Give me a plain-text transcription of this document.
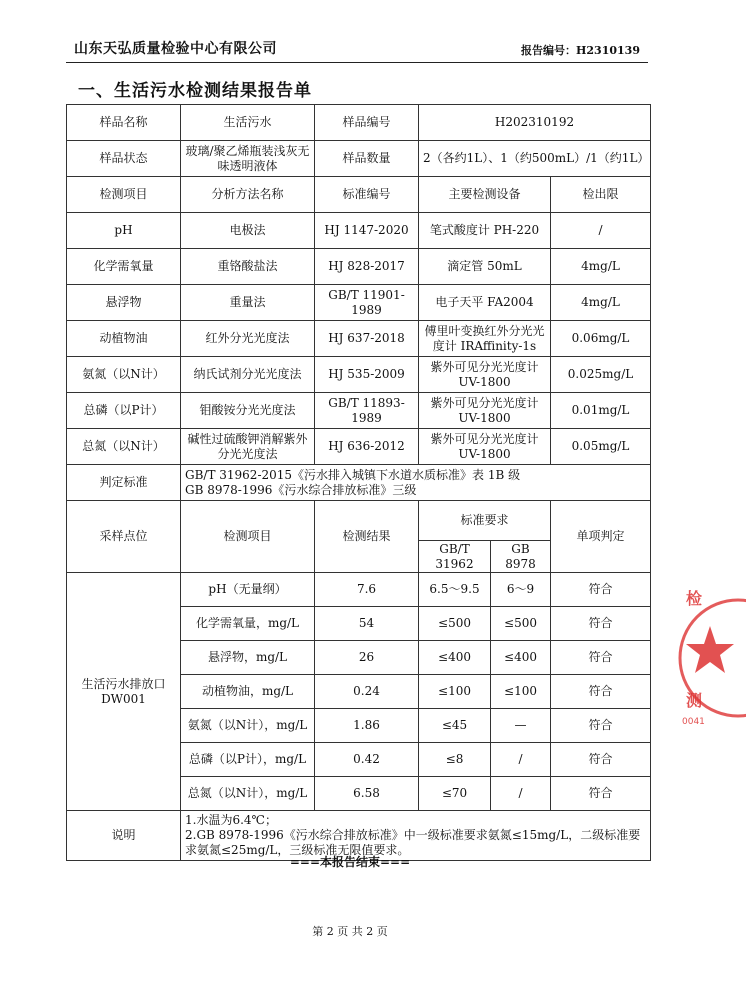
山东天弘质量检验中心有限公司	报告编号：H2310139
一、生活污水检测结果报告单
样品名称	生活污水	样品编号	H202310192		
样品状态	玻璃/聚乙烯瓶装浅灰无味透明液体	样品数量	2（各约1L）、1（约500mL）/1（约1L）		
检测项目	分析方法名称	标准编号	主要检测设备		检出限
pH	电极法	HJ 1147-2020	笔式酸度计 PH-220		/
化学需氧量	重铬酸盐法	HJ 828-2017	滴定管 50mL		4mg/L
悬浮物	重量法	GB/T 11901-1989	电子天平 FA2004		4mg/L
动植物油	红外分光光度法	HJ 637-2018	傅里叶变换红外分光光度计 IRAffinity-1s		0.06mg/L
氨氮（以N计）	纳氏试剂分光光度法	HJ 535-2009	紫外可见分光光度计 UV-1800		0.025mg/L
总磷（以P计）	钼酸铵分光光度法	GB/T 11893-1989	紫外可见分光光度计 UV-1800		0.01mg/L
总氮（以N计）	碱性过硫酸钾消解紫外分光光度法	HJ 636-2012	紫外可见分光光度计 UV-1800		0.05mg/L
判定标准	GB/T 31962-2015《污水排入城镇下水道水质标准》表 1B 级
GB 8978-1996《污水综合排放标准》三级				

采样点位	检测项目	检测结果	标准要求		单项判定
			GB/T 31962	GB 8978	
生活污水排放口DW001	pH（无量纲）	7.6	6.5～9.5	6～9	符合
	化学需氧量，mg/L	54	≤500	≤500	符合
	悬浮物，mg/L	26	≤400	≤400	符合
	动植物油，mg/L	0.24	≤100	≤100	符合
	氨氮（以N计），mg/L	1.86	≤45	—	符合
	总磷（以P计），mg/L	0.42	≤8	/	符合
	总氮（以N计），mg/L	6.58	≤70	/	符合
说明	1.水温为6.4℃；
2.GB 8978-1996《污水综合排放标准》中一级标准要求氨氮≤15mg/L，二级标准要求氨氮≤25mg/L，三级标准无限值要求。				
===本报告结束===
第 2 页 共 2 页
检
测
0041
